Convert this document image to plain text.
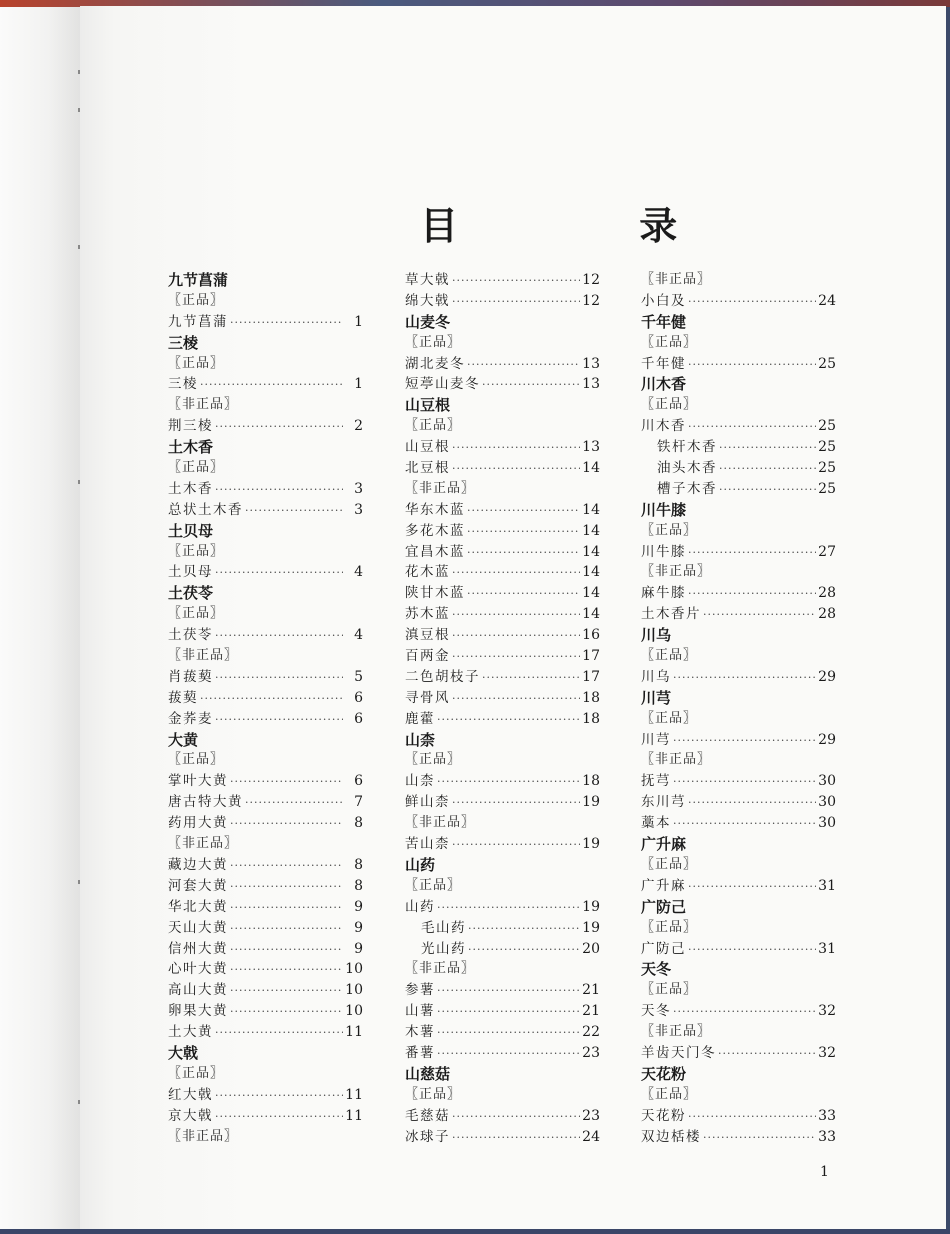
目 录
九节菖蒲
〖正品〗
九节菖蒲 ·····	1
三棱
〖正品〗
三棱 ·····	1
〖非正品〗
荆三棱 ·····	2
土木香
〖正品〗
土木香 ·····	3
总状土木香 ·····	3
土贝母
〖正品〗
土贝母 ·····	4
土茯苓
〖正品〗
土茯苓 ·····	4
〖非正品〗
肖菝葜 ·····	5
菝葜 ·····	6
金荞麦 ·····	6
大黄
〖正品〗
掌叶大黄 ·····	6
唐古特大黄 ·····	7
药用大黄 ·····	8
〖非正品〗
藏边大黄 ·····	8
河套大黄 ·····	8
华北大黄 ·····	9
天山大黄 ·····	9
信州大黄 ·····	9
心叶大黄 ·····	10
高山大黄 ·····	10
卵果大黄 ·····	10
土大黄 ·····	11
大戟
〖正品〗
红大戟 ·····	11
京大戟 ·····	11
〖非正品〗
草大戟 ·····	12
绵大戟 ·····	12
山麦冬
〖正品〗
湖北麦冬 ·····	13
短葶山麦冬 ·····	13
山豆根
〖正品〗
山豆根 ·····	13
北豆根 ·····	14
〖非正品〗
华东木蓝 ·····	14
多花木蓝 ·····	14
宜昌木蓝 ·····	14
花木蓝 ·····	14
陕甘木蓝 ·····	14
苏木蓝 ·····	14
滇豆根 ·····	16
百两金 ·····	17
二色胡枝子 ·····	17
寻骨风 ·····	18
鹿藿 ·····	18
山柰
〖正品〗
山柰 ·····	18
鲜山柰 ·····	19
〖非正品〗
苦山柰 ·····	19
山药
〖正品〗
山药 ·····	19
毛山药 ·····	19
光山药 ·····	20
〖非正品〗
参薯 ·····	21
山薯 ·····	21
木薯 ·····	22
番薯 ·····	23
山慈菇
〖正品〗
毛慈菇 ·····	23
冰球子 ·····	24
〖非正品〗
小白及 ·····	24
千年健
〖正品〗
千年健 ·····	25
川木香
〖正品〗
川木香 ·····	25
铁杆木香 ·····	25
油头木香 ·····	25
槽子木香 ·····	25
川牛膝
〖正品〗
川牛膝 ·····	27
〖非正品〗
麻牛膝 ·····	28
土木香片 ·····	28
川乌
〖正品〗
川乌 ·····	29
川芎
〖正品〗
川芎 ·····	29
〖非正品〗
抚芎 ·····	30
东川芎 ·····	30
藁本 ·····	30
广升麻
〖正品〗
广升麻 ·····	31
广防己
〖正品〗
广防己 ·····	31
天冬
〖正品〗
天冬 ·····	32
〖非正品〗
羊齿天门冬 ·····	32
天花粉
〖正品〗
天花粉 ·····	33
双边栝楼 ·····	33
1
